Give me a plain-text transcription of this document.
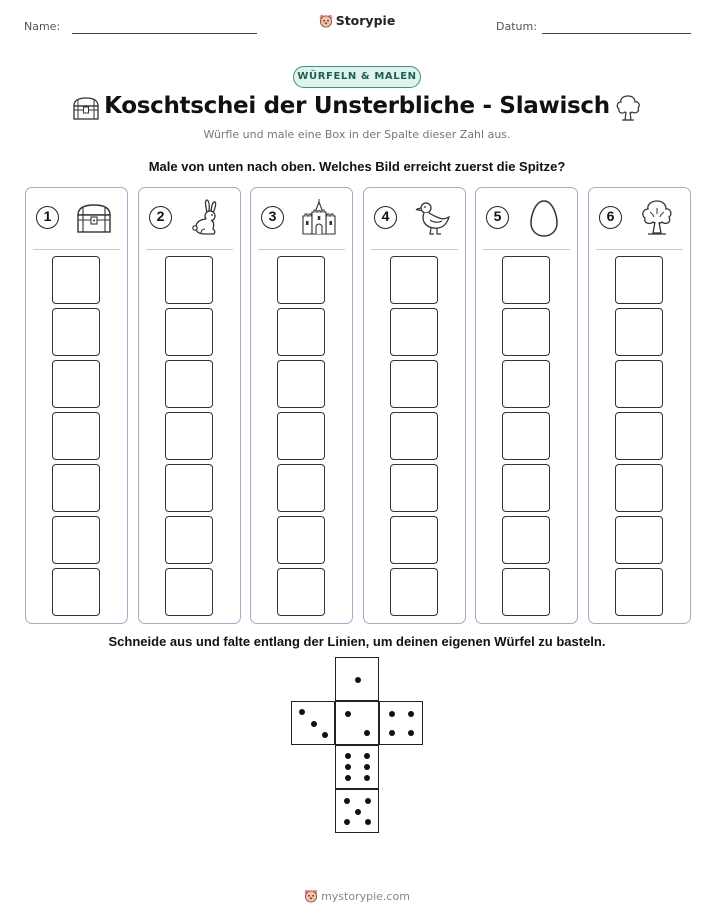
Name:	Storypie	Datum:
WÜRFELN & MALEN
Koschtschei der Unsterbliche - Slawisch
Würfle und male eine Box in der Spalte dieser Zahl aus.
Male von unten nach oben. Welches Bild erreicht zuerst die Spitze?
1	2	3	4	5	6
Schneide aus und falte entlang der Linien, um deinen eigenen Würfel zu basteln.
mystorypie.com
